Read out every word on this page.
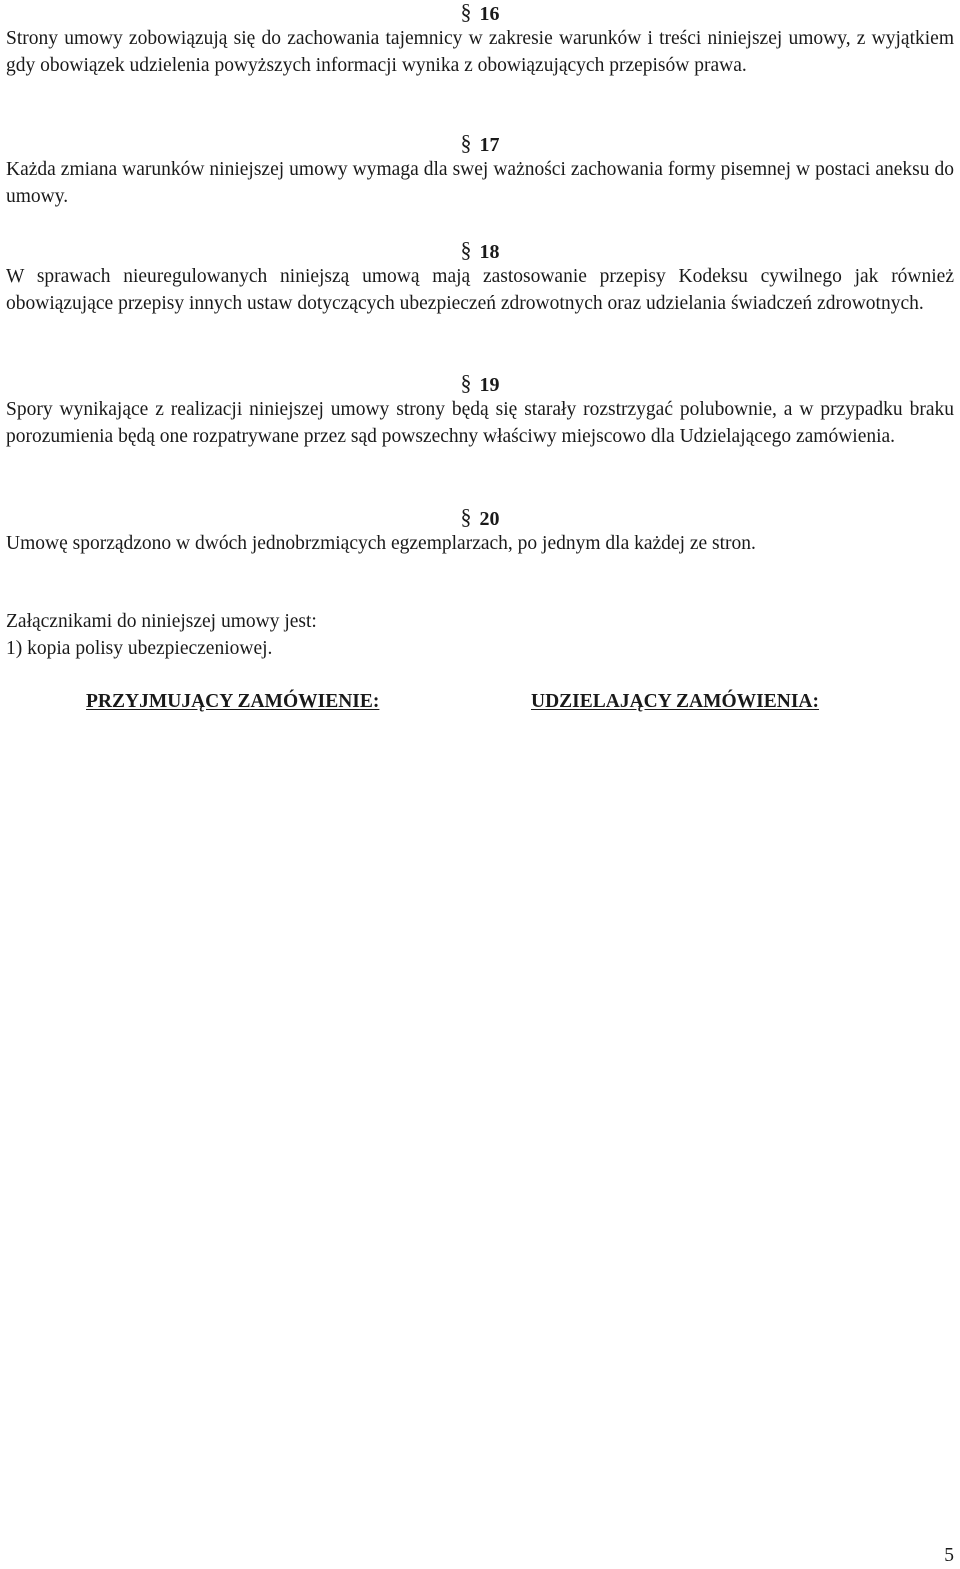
§ 16

Strony umowy zobowiązują się do zachowania tajemnicy w zakresie warunków i treści niniejszej umowy, z wyjątkiem gdy obowiązek udzielenia powyższych informacji wynika z obowiązujących przepisów prawa.

§ 17

Każda zmiana warunków niniejszej umowy wymaga dla swej ważności zachowania formy pisemnej w postaci aneksu do umowy.

§ 18

W sprawach nieuregulowanych niniejszą umową mają zastosowanie przepisy Kodeksu cywilnego jak również obowiązujące przepisy innych ustaw dotyczących ubezpieczeń zdrowotnych oraz udzielania świadczeń zdrowotnych.

§ 19

Spory wynikające z realizacji niniejszej umowy strony będą się starały rozstrzygać polubownie, a w przypadku braku porozumienia będą one rozpatrywane przez sąd powszechny właściwy miejscowo dla Udzielającego zamówienia.

§ 20

Umowę sporządzono w dwóch jednobrzmiących egzemplarzach, po jednym dla każdej ze stron.

Załącznikami do niniejszej umowy jest:

1) kopia polisy ubezpieczeniowej.

PRZYJMUJĄCY ZAMÓWIENIE:	UDZIELAJĄCY ZAMÓWIENIA:
5
